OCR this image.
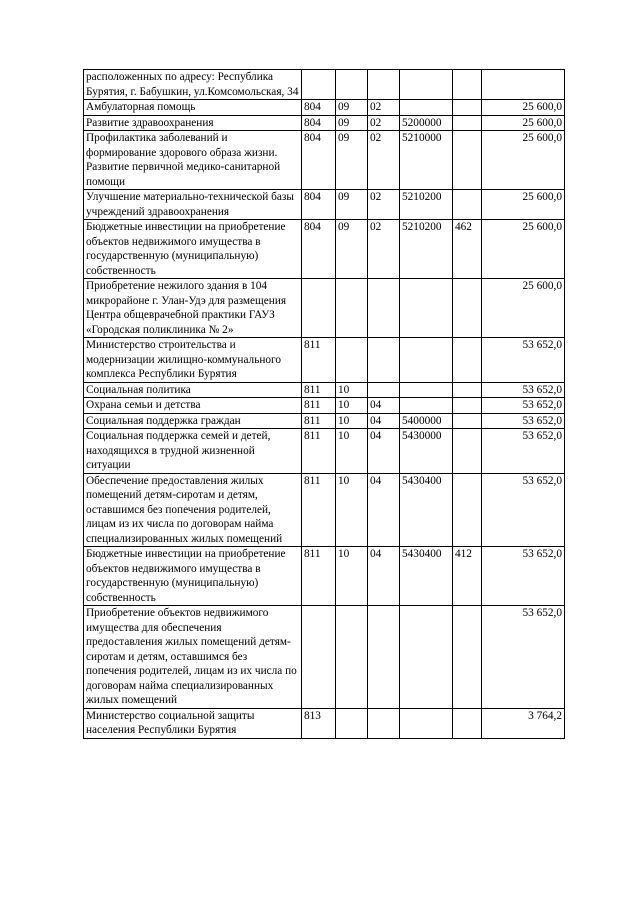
расположенных по адресу: Республика Бурятия, г. Бабушкин, ул.Комсомольская, 34						
Амбулаторная помощь	804	09	02			25 600,0
Развитие здравоохранения	804	09	02	5200000		25 600,0
Профилактика заболеваний и формирование здорового образа жизни. Развитие первичной медико-санитарной помощи	804	09	02	5210000		25 600,0
Улучшение материально-технической базы учреждений здравоохранения	804	09	02	5210200		25 600,0
Бюджетные инвестиции на приобретение объектов недвижимого имущества в государственную (муниципальную) собственность	804	09	02	5210200	462	25 600,0
Приобретение нежилого здания в 104 микрорайоне г. Улан-Удэ для размещения Центра общеврачебной практики ГАУЗ «Городская поликлиника № 2»						25 600,0
Министерство строительства и модернизации жилищно-коммунального комплекса Республики Бурятия	811					53 652,0
Социальная политика	811	10				53 652,0
Охрана семьи и детства	811	10	04			53 652,0
Социальная поддержка граждан	811	10	04	5400000		53 652,0
Социальная поддержка семей и детей, находящихся в трудной жизненной ситуации	811	10	04	5430000		53 652,0
Обеспечение предоставления жилых помещений детям-сиротам и детям, оставшимся без попечения родителей, лицам из их числа по договорам найма специализированных жилых помещений	811	10	04	5430400		53 652,0
Бюджетные инвестиции на приобретение объектов недвижимого имущества в государственную (муниципальную) собственность	811	10	04	5430400	412	53 652,0
Приобретение объектов недвижимого имущества для обеспечения предоставления жилых помещений детям-сиротам и детям, оставшимся без попечения родителей, лицам из их числа по договорам найма специализированных жилых помещений						53 652,0
Министерство социальной защиты населения Республики Бурятия	813					3 764,2
